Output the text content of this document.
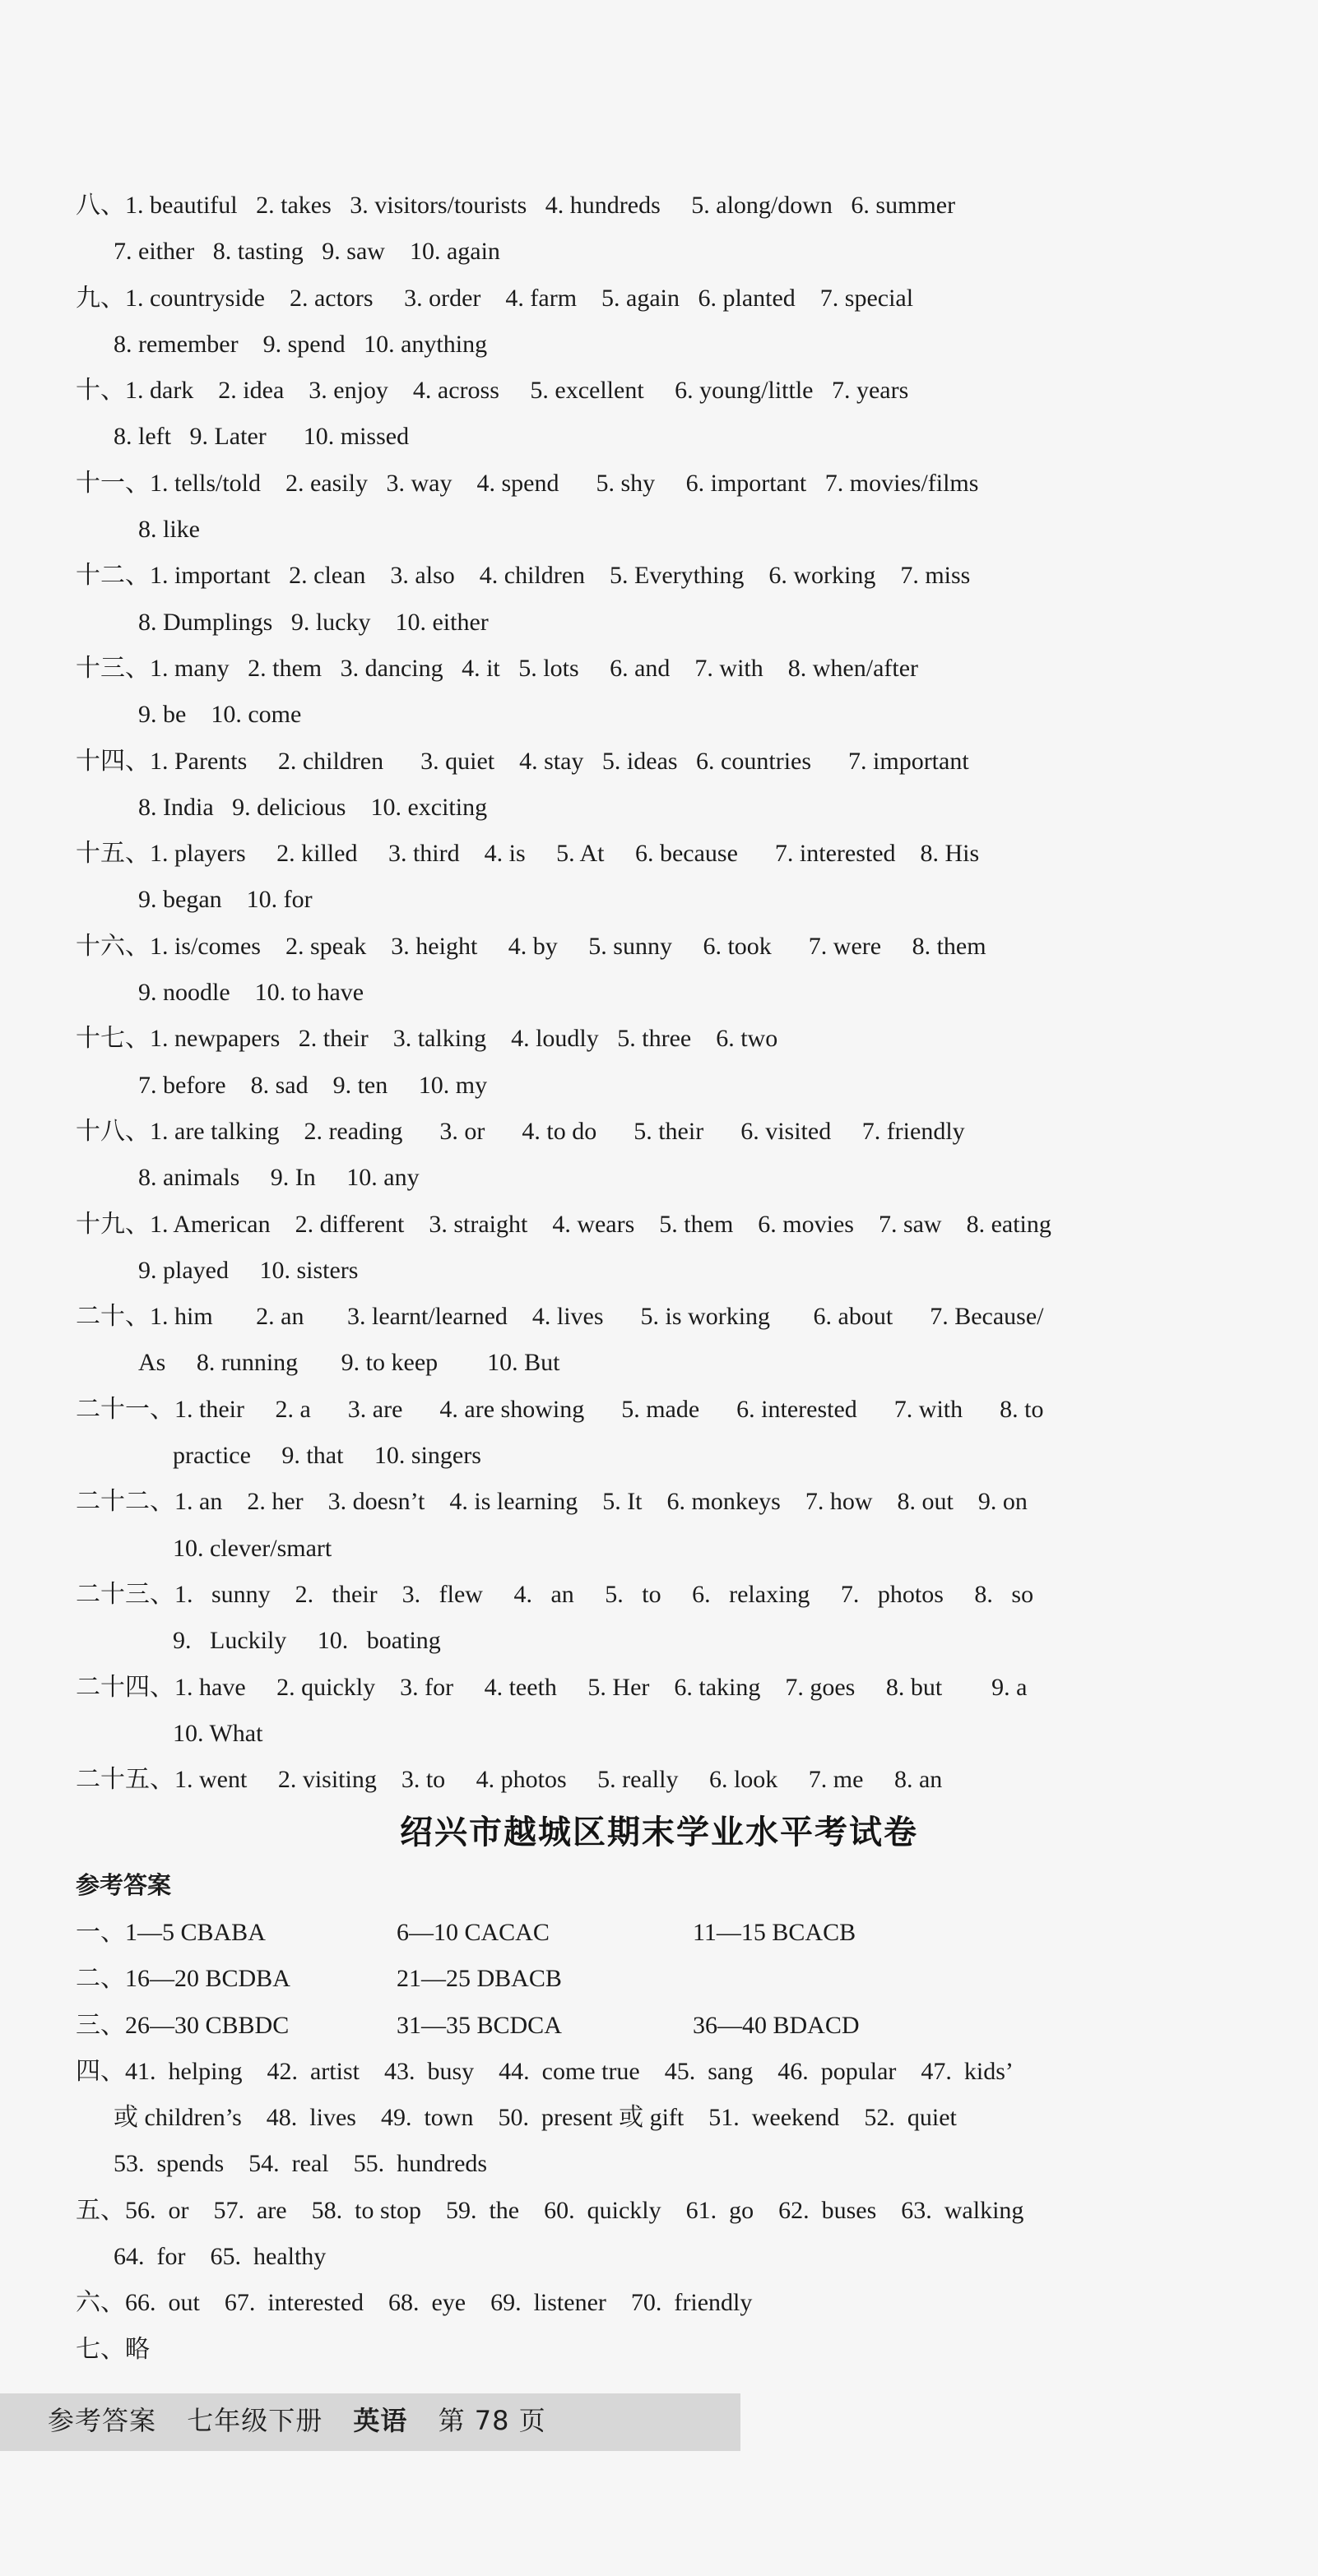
八、1. beautiful   2. takes   3. visitors/tourists   4. hundreds     5. along/down   6. summer
7. either   8. tasting   9. saw    10. again
九、1. countryside    2. actors     3. order    4. farm    5. again   6. planted    7. special
8. remember    9. spend   10. anything
十、1. dark    2. idea    3. enjoy    4. across     5. excellent     6. young/little   7. years
8. left   9. Later      10. missed
十一、1. tells/told    2. easily   3. way    4. spend      5. shy     6. important   7. movies/films
8. like
十二、1. important   2. clean    3. also    4. children    5. Everything    6. working    7. miss
8. Dumplings   9. lucky    10. either
十三、1. many   2. them   3. dancing   4. it   5. lots     6. and    7. with    8. when/after
9. be    10. come
十四、1. Parents     2. children      3. quiet    4. stay   5. ideas   6. countries      7. important
8. India   9. delicious    10. exciting
十五、1. players     2. killed     3. third    4. is     5. At     6. because      7. interested    8. His
9. began    10. for
十六、1. is/comes    2. speak    3. height     4. by     5. sunny     6. took      7. were     8. them
9. noodle    10. to have
十七、1. newpapers   2. their    3. talking    4. loudly   5. three    6. two
7. before    8. sad    9. ten     10. my
十八、1. are talking    2. reading      3. or      4. to do      5. their      6. visited     7. friendly
8. animals     9. In     10. any
十九、1. American    2. different    3. straight    4. wears    5. them    6. movies    7. saw    8. eating
9. played     10. sisters
二十、1. him       2. an       3. learnt/learned    4. lives      5. is working       6. about      7. Because/
As     8. running       9. to keep        10. But
二十一、1. their     2. a      3. are      4. are showing      5. made      6. interested      7. with      8. to
practice     9. that     10. singers
二十二、1. an    2. her    3. doesn’t    4. is learning    5. It    6. monkeys    7. how    8. out    9. on
10. clever/smart
二十三、1.   sunny    2.   their    3.   flew     4.   an     5.   to     6.   relaxing     7.   photos     8.   so
9.   Luckily     10.   boating
二十四、1. have     2. quickly    3. for     4. teeth     5. Her    6. taking    7. goes     8. but        9. a
10. What
二十五、1. went     2. visiting    3. to     4. photos     5. really     6. look     7. me     8. an
绍兴市越城区期末学业水平考试卷
参考答案
一、1—5 CBABA	6—10 CACAC	11—15 BCACB
二、16—20 BCDBA	21—25 DBACB
三、26—30 CBBDC	31—35 BCDCA	36—40 BDACD
四、41.  helping    42.  artist    43.  busy    44.  come true    45.  sang    46.  popular    47.  kids’
或 children’s    48.  lives    49.  town    50.  present 或 gift    51.  weekend    52.  quiet
53.  spends    54.  real    55.  hundreds
五、56.  or    57.  are    58.  to stop    59.  the    60.  quickly    61.  go    62.  buses    63.  walking
64.  for    65.  healthy
六、66.  out    67.  interested    68.  eye    69.  listener    70.  friendly
七、略
参考答案 七年级下册 英语 第 78 页
